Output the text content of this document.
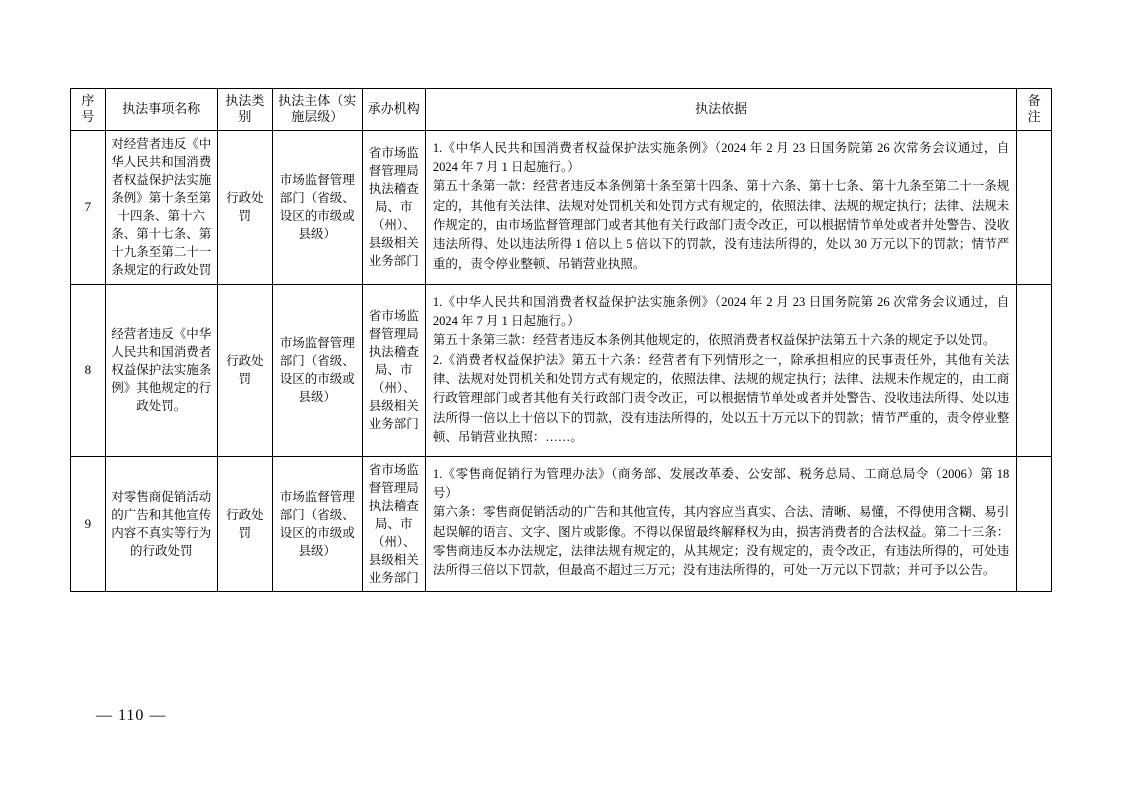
序号	执法事项名称	执法类别	执法主体（实施层级）	承办机构	执法依据	备注
7	对经营者违反《中华人民共和国消费者权益保护法实施条例》第十条至第十四条、第十六条、第十七条、第十九条至第二十一条规定的行政处罚	行政处罚	市场监督管理部门（省级、设区的市级或县级）	省市场监督管理局执法稽查局、市（州）、县级相关业务部门	1.《中华人民共和国消费者权益保护法实施条例》（2024 年 2 月 23 日国务院第 26 次常务会议通过，自 2024 年 7 月 1 日起施行。）

第五十条第一款：经营者违反本条例第十条至第十四条、第十六条、第十七条、第十九条至第二十一条规定的，其他有关法律、法规对处罚机关和处罚方式有规定的，依照法律、法规的规定执行；法律、法规未作规定的，由市场监督管理部门或者其他有关行政部门责令改正，可以根据情节单处或者并处警告、没收违法所得、处以违法所得 1 倍以上 5 倍以下的罚款，没有违法所得的，处以 30 万元以下的罚款；情节严重的，责令停业整顿、吊销营业执照。	

8	经营者违反《中华人民共和国消费者权益保护法实施条例》其他规定的行政处罚。	行政处罚	市场监督管理部门（省级、设区的市级或县级）	省市场监督管理局执法稽查局、市（州）、县级相关业务部门	1.《中华人民共和国消费者权益保护法实施条例》（2024 年 2 月 23 日国务院第 26 次常务会议通过，自 2024 年 7 月 1 日起施行。）

第五十条第三款：经营者违反本条例其他规定的，依照消费者权益保护法第五十六条的规定予以处罚。

2.《消费者权益保护法》第五十六条：经营者有下列情形之一，除承担相应的民事责任外，其他有关法律、法规对处罚机关和处罚方式有规定的，依照法律、法规的规定执行；法律、法规未作规定的，由工商行政管理部门或者其他有关行政部门责令改正，可以根据情节单处或者并处警告、没收违法所得、处以违法所得一倍以上十倍以下的罚款，没有违法所得的，处以五十万元以下的罚款；情节严重的，责令停业整顿、吊销营业执照：……。	

9	对零售商促销活动的广告和其他宣传内容不真实等行为的行政处罚	行政处罚	市场监督管理部门（省级、设区的市级或县级）	省市场监督管理局执法稽查局、市（州）、县级相关业务部门	1.《零售商促销行为管理办法》（商务部、发展改革委、公安部、税务总局、工商总局令（2006）第 18 号）

第六条：零售商促销活动的广告和其他宣传，其内容应当真实、合法、清晰、易懂，不得使用含糊、易引起误解的语言、文字、图片或影像。不得以保留最终解释权为由，损害消费者的合法权益。第二十三条：零售商违反本办法规定，法律法规有规定的，从其规定；没有规定的，责令改正，有违法所得的，可处违法所得三倍以下罚款，但最高不超过三万元；没有违法所得的，可处一万元以下罚款；并可予以公告。	

— 110 —
